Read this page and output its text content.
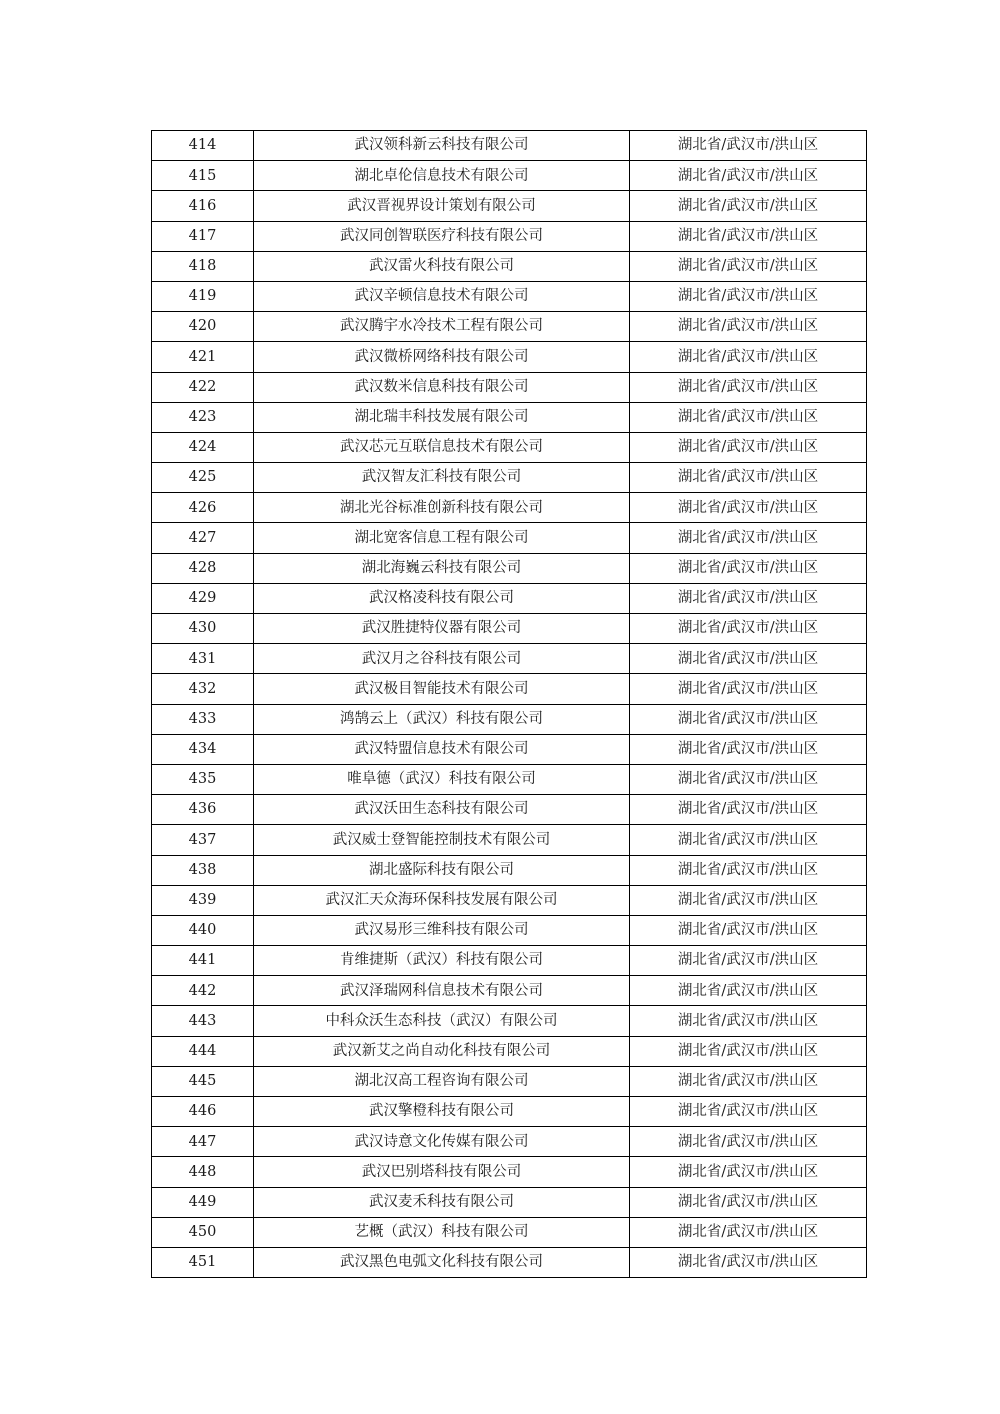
414	武汉领科新云科技有限公司	湖北省/武汉市/洪山区
415	湖北卓伦信息技术有限公司	湖北省/武汉市/洪山区
416	武汉晋视界设计策划有限公司	湖北省/武汉市/洪山区
417	武汉同创智联医疗科技有限公司	湖北省/武汉市/洪山区
418	武汉雷火科技有限公司	湖北省/武汉市/洪山区
419	武汉辛顿信息技术有限公司	湖北省/武汉市/洪山区
420	武汉腾宇水冷技术工程有限公司	湖北省/武汉市/洪山区
421	武汉微桥网络科技有限公司	湖北省/武汉市/洪山区
422	武汉数米信息科技有限公司	湖北省/武汉市/洪山区
423	湖北瑞丰科技发展有限公司	湖北省/武汉市/洪山区
424	武汉芯元互联信息技术有限公司	湖北省/武汉市/洪山区
425	武汉智友汇科技有限公司	湖北省/武汉市/洪山区
426	湖北光谷标准创新科技有限公司	湖北省/武汉市/洪山区
427	湖北宽客信息工程有限公司	湖北省/武汉市/洪山区
428	湖北海巍云科技有限公司	湖北省/武汉市/洪山区
429	武汉格凌科技有限公司	湖北省/武汉市/洪山区
430	武汉胜捷特仪器有限公司	湖北省/武汉市/洪山区
431	武汉月之谷科技有限公司	湖北省/武汉市/洪山区
432	武汉极目智能技术有限公司	湖北省/武汉市/洪山区
433	鸿鹄云上（武汉）科技有限公司	湖北省/武汉市/洪山区
434	武汉特盟信息技术有限公司	湖北省/武汉市/洪山区
435	唯阜德（武汉）科技有限公司	湖北省/武汉市/洪山区
436	武汉沃田生态科技有限公司	湖北省/武汉市/洪山区
437	武汉威士登智能控制技术有限公司	湖北省/武汉市/洪山区
438	湖北盛际科技有限公司	湖北省/武汉市/洪山区
439	武汉汇天众海环保科技发展有限公司	湖北省/武汉市/洪山区
440	武汉易形三维科技有限公司	湖北省/武汉市/洪山区
441	肯维捷斯（武汉）科技有限公司	湖北省/武汉市/洪山区
442	武汉泽瑞网科信息技术有限公司	湖北省/武汉市/洪山区
443	中科众沃生态科技（武汉）有限公司	湖北省/武汉市/洪山区
444	武汉新艾之尚自动化科技有限公司	湖北省/武汉市/洪山区
445	湖北汉高工程咨询有限公司	湖北省/武汉市/洪山区
446	武汉擎橙科技有限公司	湖北省/武汉市/洪山区
447	武汉诗意文化传媒有限公司	湖北省/武汉市/洪山区
448	武汉巴别塔科技有限公司	湖北省/武汉市/洪山区
449	武汉麦禾科技有限公司	湖北省/武汉市/洪山区
450	艺概（武汉）科技有限公司	湖北省/武汉市/洪山区
451	武汉黑色电弧文化科技有限公司	湖北省/武汉市/洪山区
